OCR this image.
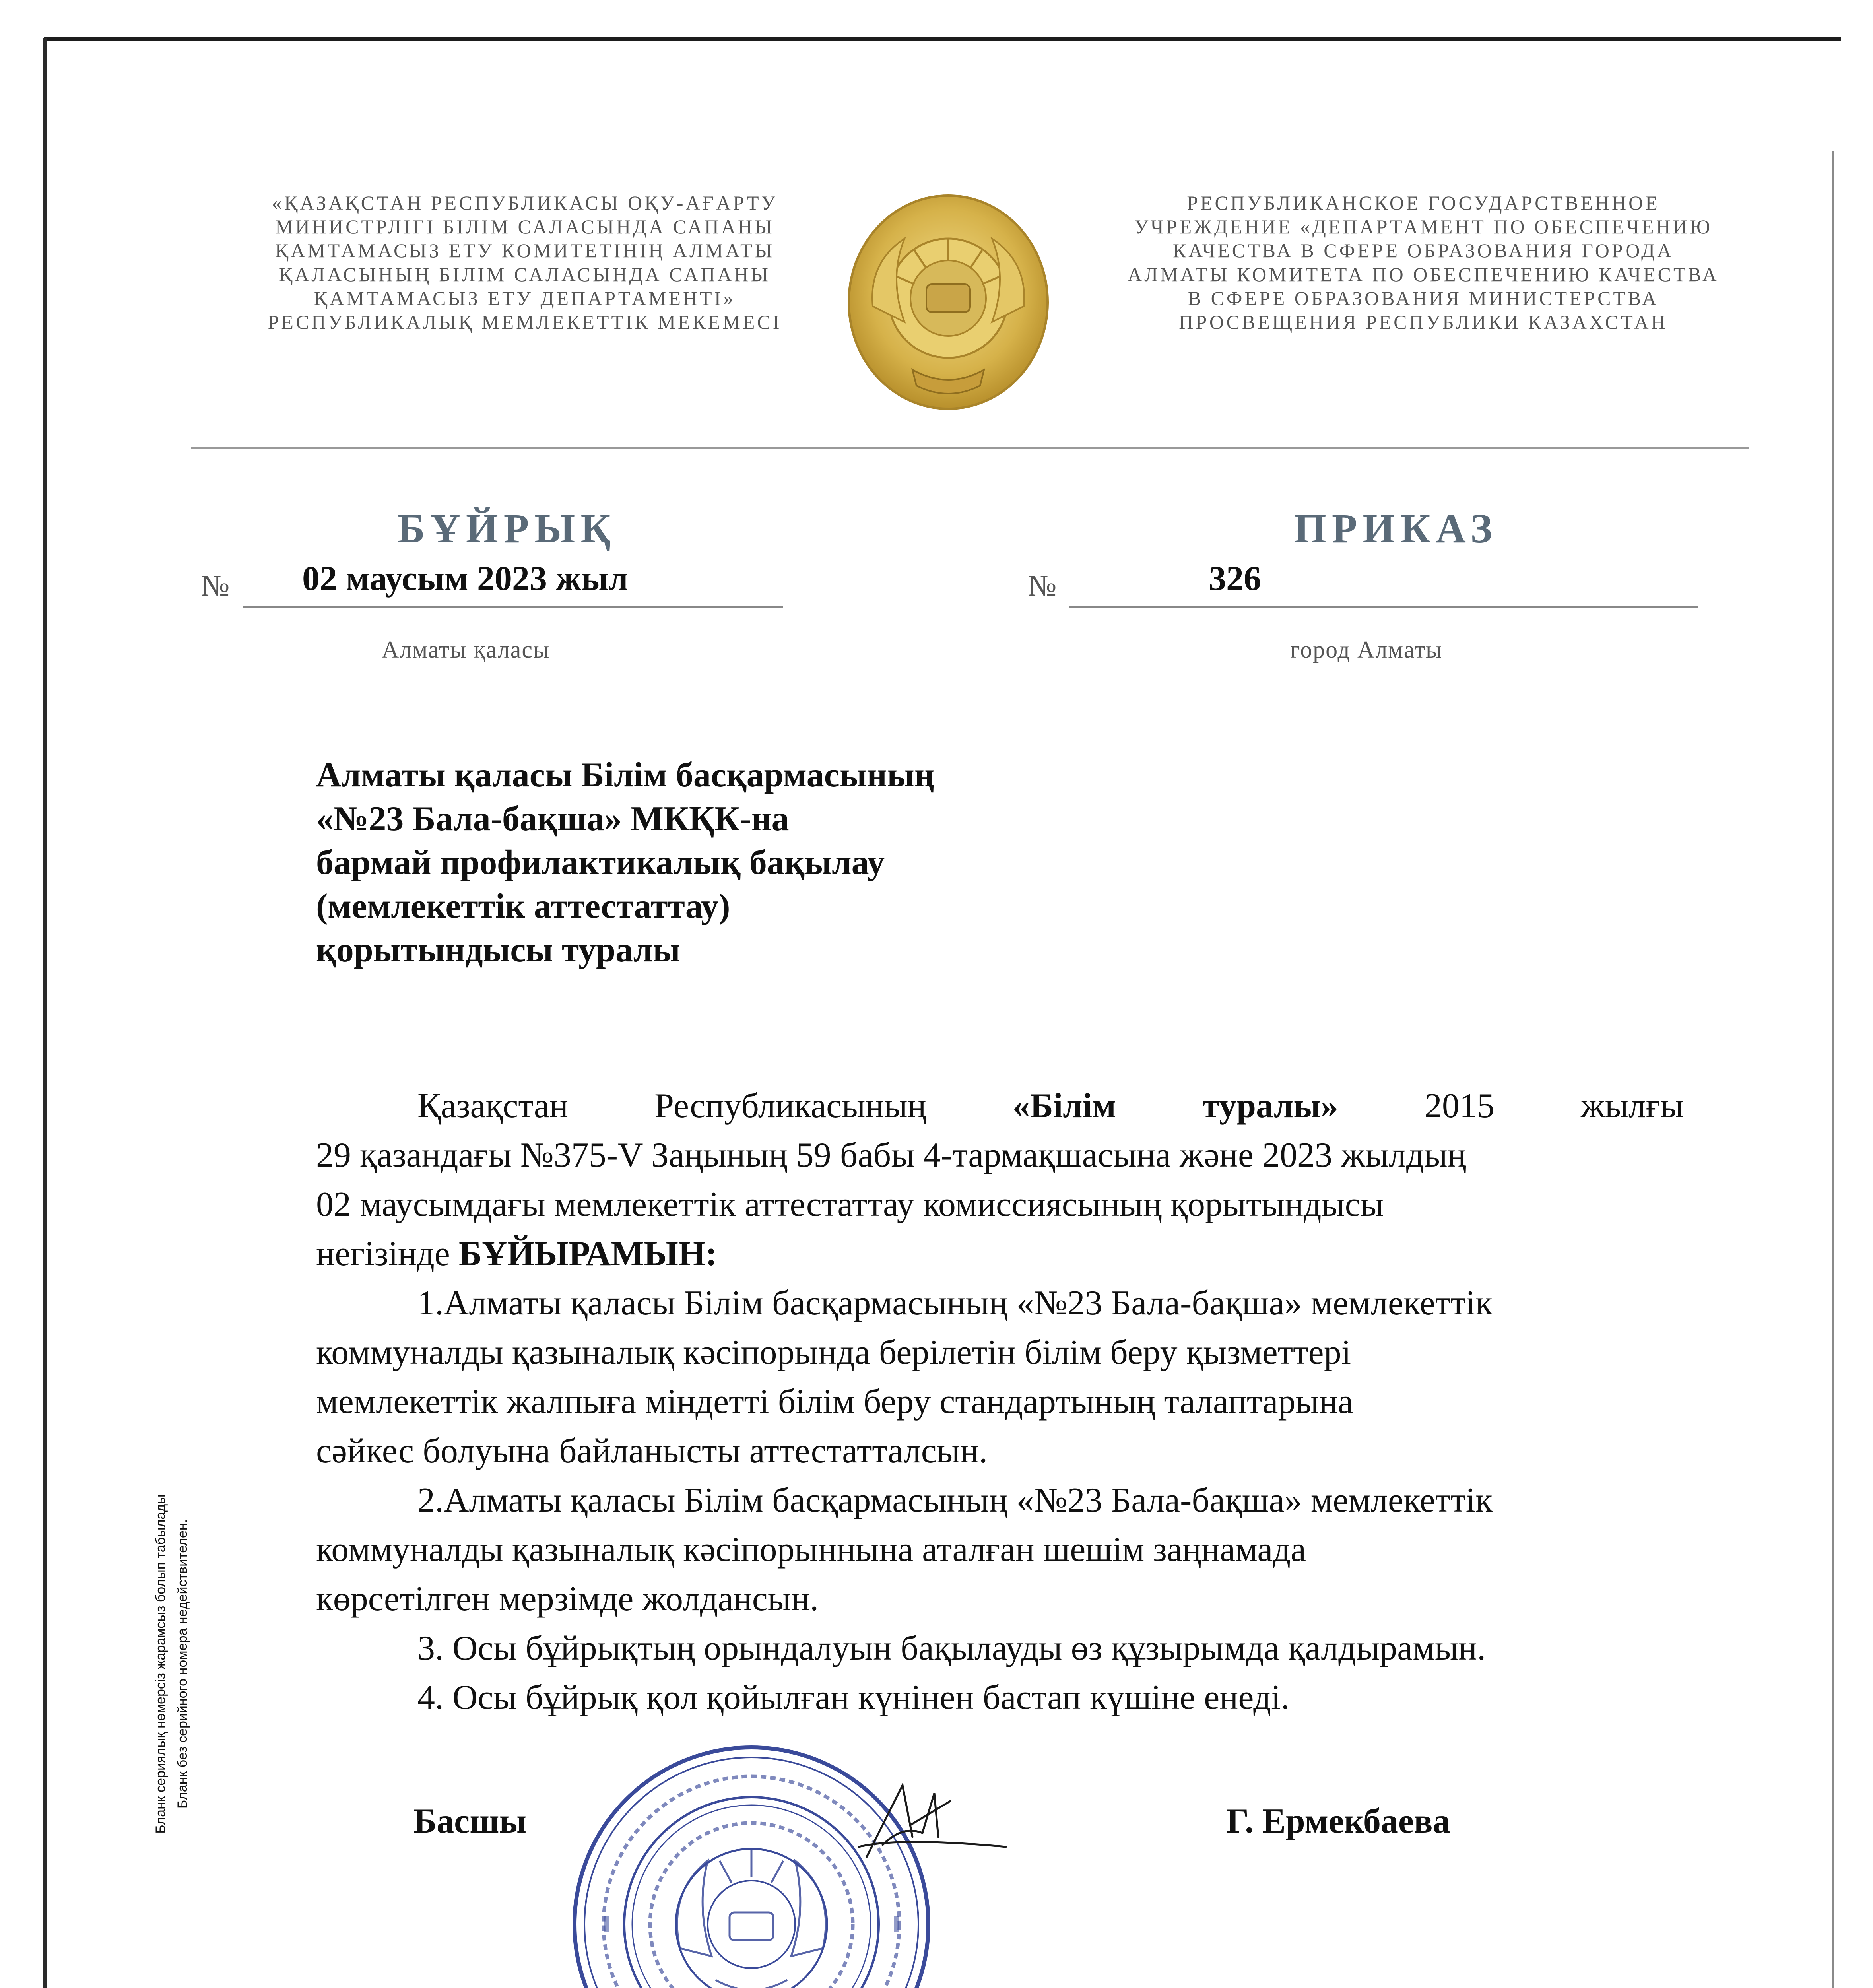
«ҚАЗАҚСТАН РЕСПУБЛИКАСЫ ОҚУ-АҒАРТУ
МИНИСТРЛІГІ БІЛІМ САЛАСЫНДА САПАНЫ
ҚАМТАМАСЫЗ ЕТУ КОМИТЕТІНІҢ АЛМАТЫ
ҚАЛАСЫНЫҢ БІЛІМ САЛАСЫНДА САПАНЫ
ҚАМТАМАСЫЗ ЕТУ ДЕПАРТАМЕНТІ»
РЕСПУБЛИКАЛЫҚ МЕМЛЕКЕТТІК МЕКЕМЕСІ
РЕСПУБЛИКАНСКОЕ ГОСУДАРСТВЕННОЕ
УЧРЕЖДЕНИЕ «ДЕПАРТАМЕНТ ПО ОБЕСПЕЧЕНИЮ
КАЧЕСТВА В СФЕРЕ ОБРАЗОВАНИЯ ГОРОДА
АЛМАТЫ КОМИТЕТА ПО ОБЕСПЕЧЕНИЮ КАЧЕСТВА
В СФЕРЕ ОБРАЗОВАНИЯ МИНИСТЕРСТВА
ПРОСВЕЩЕНИЯ РЕСПУБЛИКИ КАЗАХСТАН
БҰЙРЫҚ	ПРИКАЗ
№ 02 маусым 2023 жыл	№	326
Алматы қаласы	город Алматы
Алматы қаласы Білім басқармасының
«№23 Бала-бақша» МКҚК-на
бармай профилактикалық бақылау
(мемлекеттік аттестаттау)
қорытындысы туралы
Қазақстан Республикасының «Білім туралы» 2015 жылғы
29 қазандағы №375-V Заңының 59 бабы 4-тармақшасына және 2023 жылдың
02 маусымдағы мемлекеттік аттестаттау комиссиясының қорытындысы
негізінде БҰЙЫРАМЫН:
1.Алматы қаласы Білім басқармасының «№23 Бала-бақша» мемлекеттік
коммуналды қазыналық кәсіпорында берілетін білім беру қызметтері
мемлекеттік жалпыға міндетті білім беру стандартының талаптарына
сәйкес болуына байланысты аттестатталсын.
2.Алматы қаласы Білім басқармасының «№23 Бала-бақша» мемлекеттік
коммуналды қазыналық кәсіпорыннына аталған шешім заңнамада
көрсетілген мерзімде жолдансын.
3. Осы бұйрықтың орындалуын бақылауды өз құзырымда қалдырамын.
4. Осы бұйрық қол қойылған күнінен бастап күшіне енеді.
Бланк сериялық нөмерсіз жарамсыз болып табылады Бланк без серийного номера недействителен.
Басшы	Г. Ермекбаева
